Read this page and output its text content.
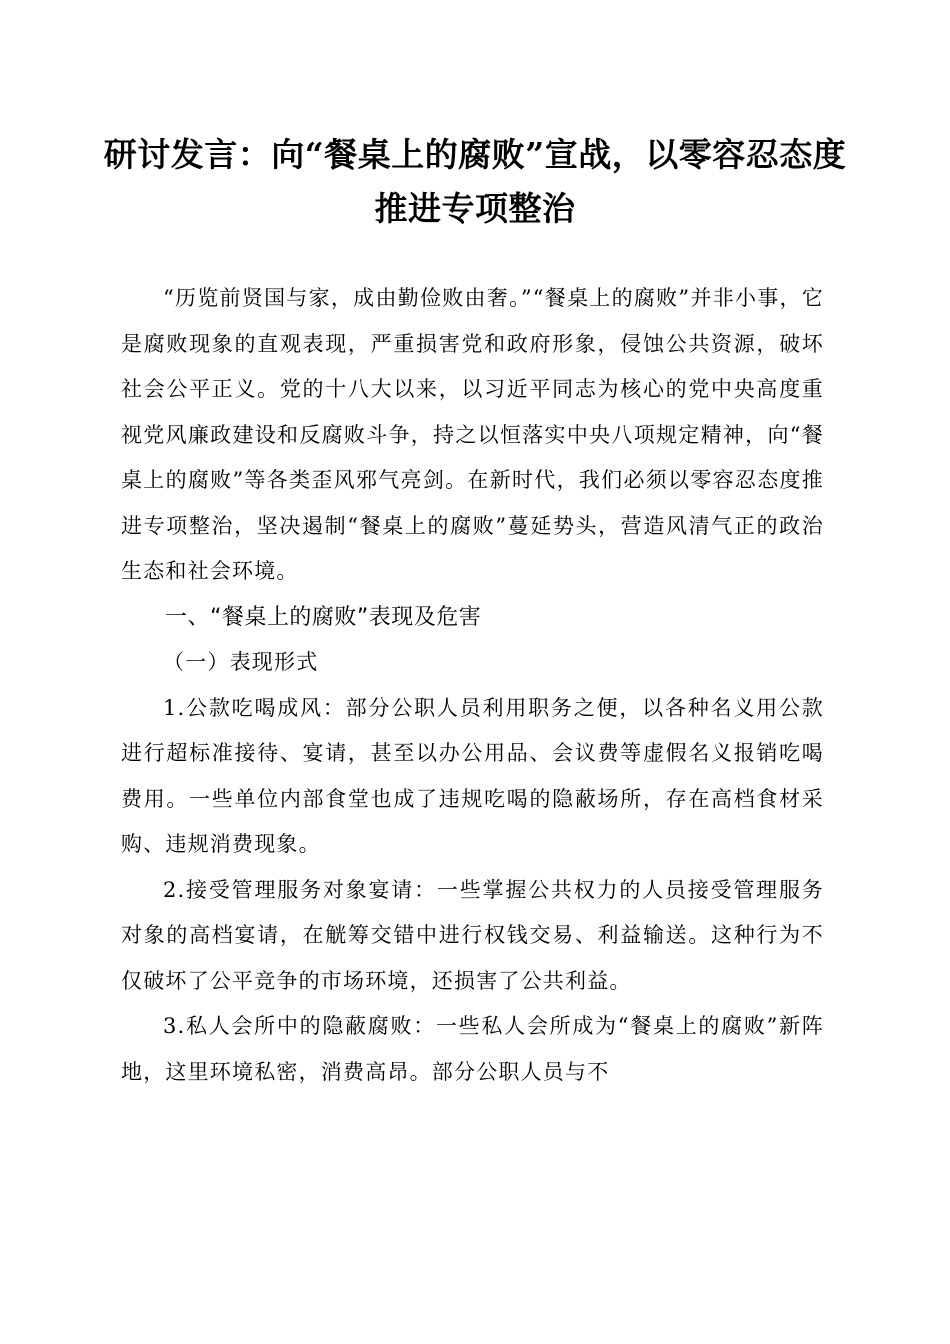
研讨发言：向“餐桌上的腐败”宣战，以零容忍态度推进专项整治

“历览前贤国与家，成由勤俭败由奢。”“餐桌上的腐败”并非小事，它是腐败现象的直观表现，严重损害党和政府形象，侵蚀公共资源，破坏社会公平正义。党的十八大以来，以习近平同志为核心的党中央高度重视党风廉政建设和反腐败斗争，持之以恒落实中央八项规定精神，向“餐桌上的腐败”等各类歪风邪气亮剑。在新时代，我们必须以零容忍态度推进专项整治，坚决遏制“餐桌上的腐败”蔓延势头，营造风清气正的政治生态和社会环境。

一、“餐桌上的腐败”表现及危害

（一）表现形式

1.公款吃喝成风：部分公职人员利用职务之便，以各种名义用公款进行超标准接待、宴请，甚至以办公用品、会议费等虚假名义报销吃喝费用。一些单位内部食堂也成了违规吃喝的隐蔽场所，存在高档食材采购、违规消费现象。

2.接受管理服务对象宴请：一些掌握公共权力的人员接受管理服务对象的高档宴请，在觥筹交错中进行权钱交易、利益输送。这种行为不仅破坏了公平竞争的市场环境，还损害了公共利益。

3.私人会所中的隐蔽腐败：一些私人会所成为“餐桌上的腐败”新阵地，这里环境私密，消费高昂。部分公职人员与不
